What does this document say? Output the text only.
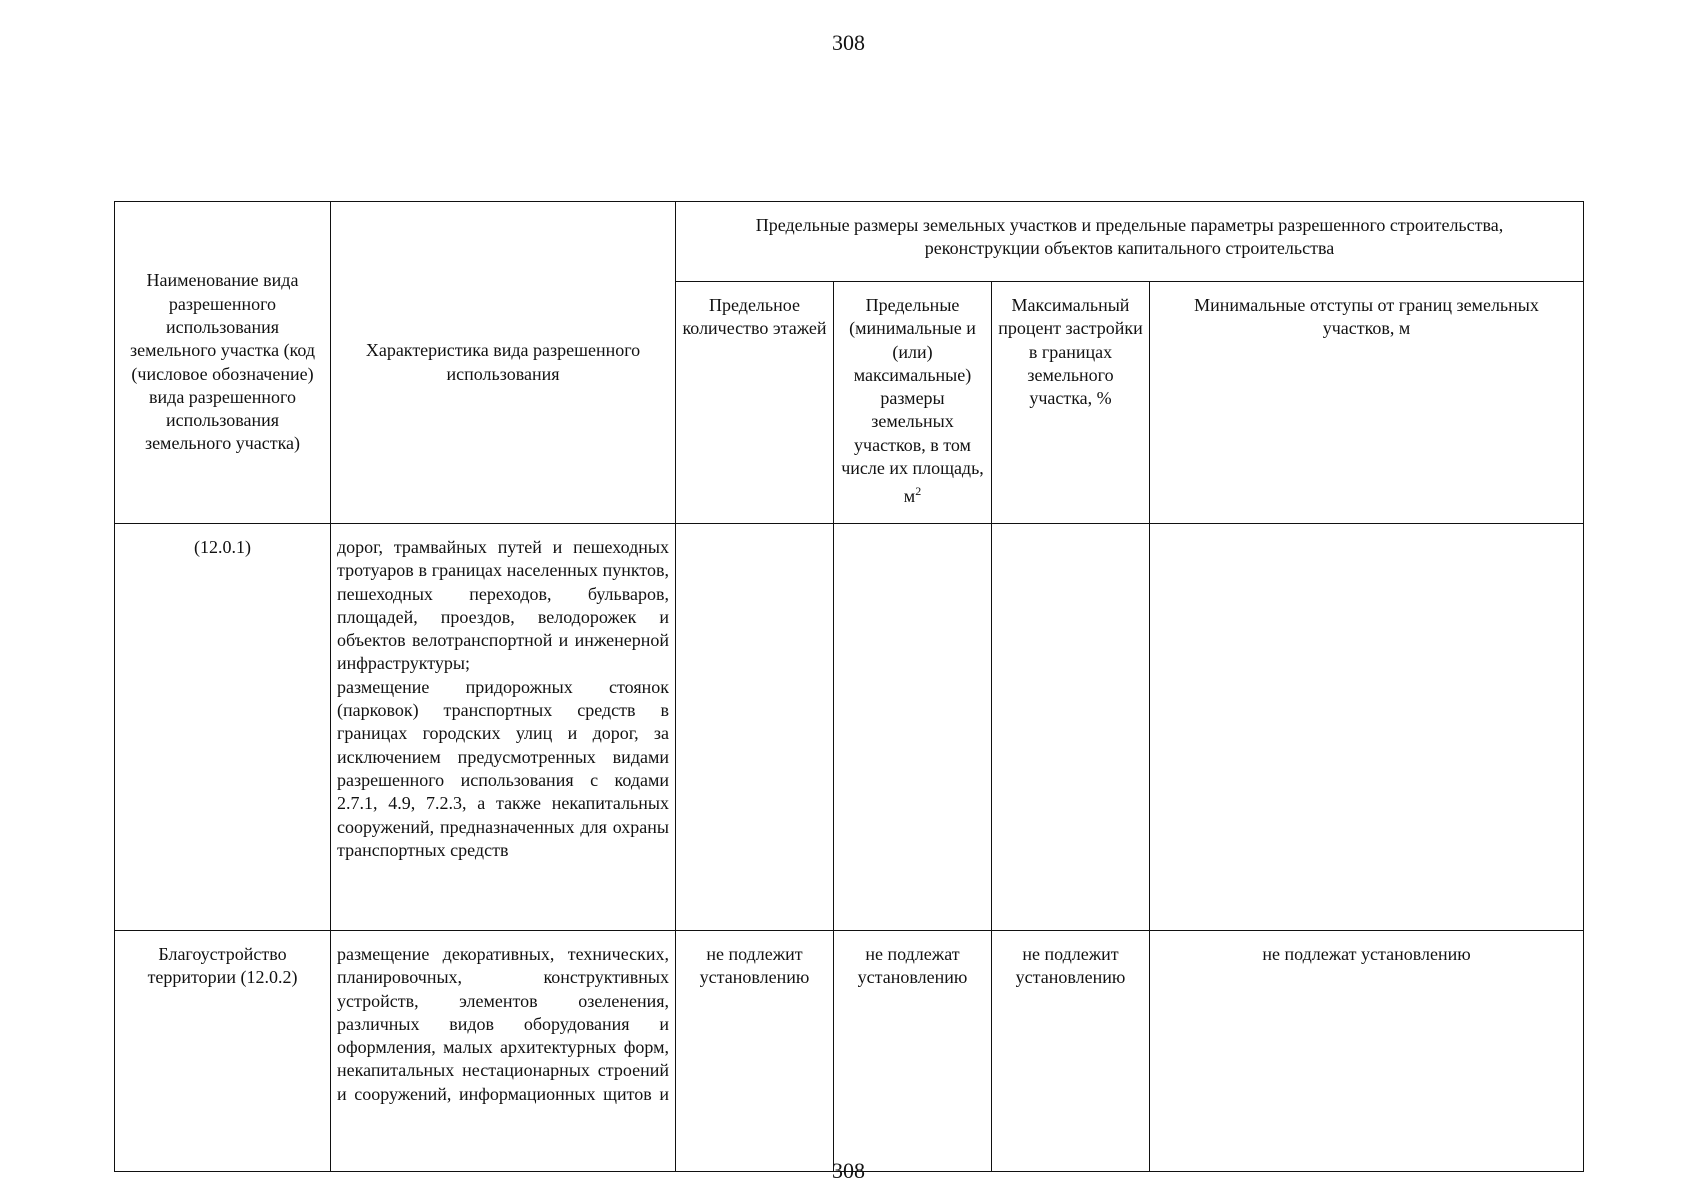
308
Наименование вида разрешенного использования земельного участка (код (числовое обозначение) вида разрешенного использования земельного участка)	Характеристика вида разрешенного использования	Предельные размеры земельных участков и предельные параметры разрешенного строительства,
реконструкции объектов капитального строительства			

		Предельное количество этажей	Предельные (минимальные и (или) максимальные) размеры земельных участков, в том числе их площадь, $м^2$	Максимальный процент застройки в границах земельного участка, %	Минимальные отступы от границ земельных участков, м
(12.0.1)	дорог, трамвайных путей и пешеходных тротуаров в границах населенных пунктов, пешеходных переходов, бульваров, площадей, проездов, велодорожек и объектов велотранспортной и инженерной инфраструктуры;
размещение придорожных стоянок (парковок) транспортных средств в границах городских улиц и дорог, за исключением предусмотренных видами разрешенного использования с кодами 2.7.1, 4.9, 7.2.3, а также некапитальных сооружений, предназначенных для охраны транспортных средств				

Благоустройство территории (12.0.2)	размещение декоративных, технических, планировочных, конструктивных устройств, элементов озеленения, различных видов оборудования и оформления, малых архитектурных форм, некапитальных нестационарных строений и сооружений, информационных щитов и	не подлежит установлению	не подлежат установлению	не подлежит установлению	не подлежат установлению
308
